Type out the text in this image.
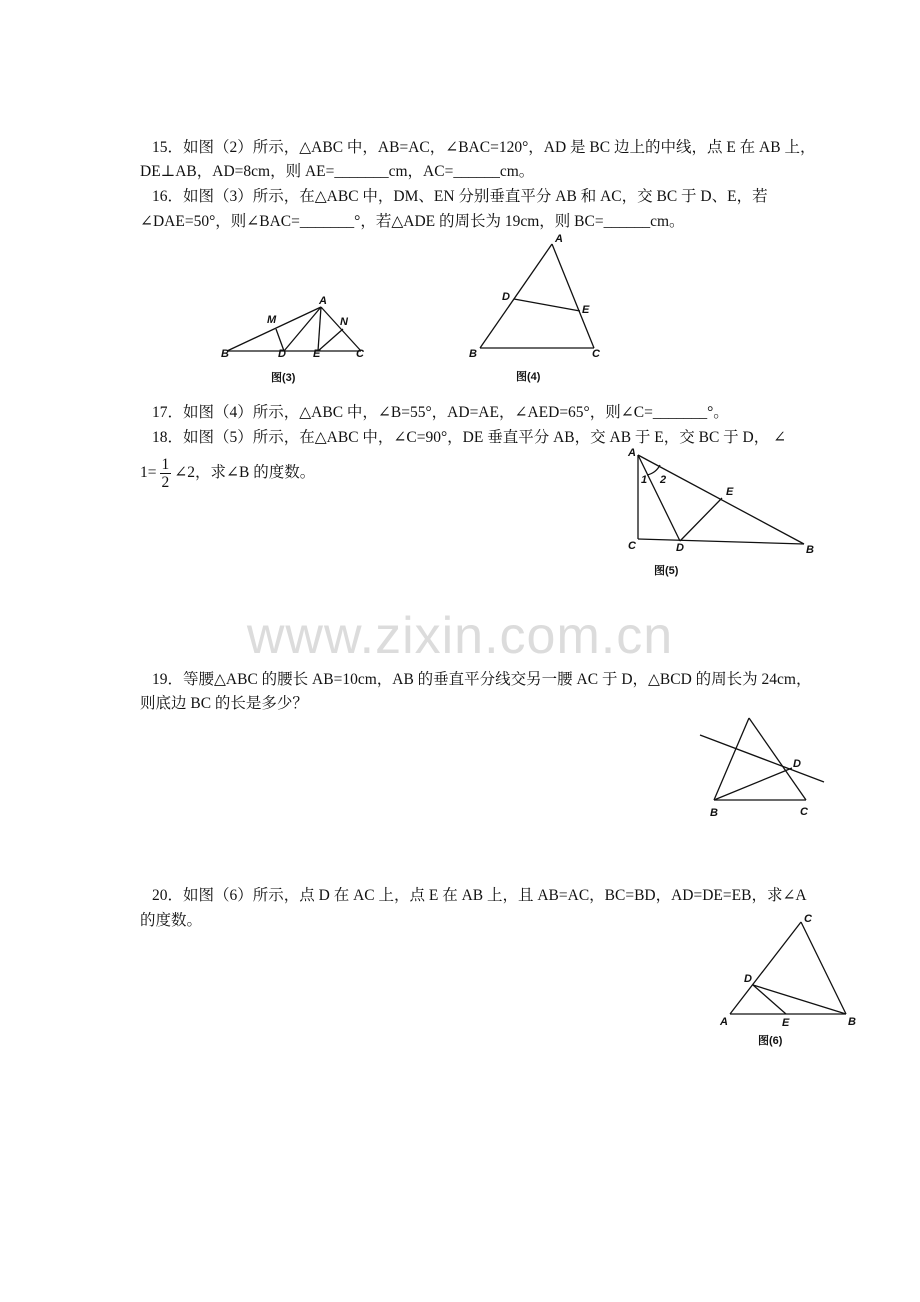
15．如图（2）所示，△ABC 中，AB=AC，∠BAC=120°，AD 是 BC 边上的中线，点 E 在 AB 上，
DE⊥AB，AD=8cm，则 AE=_______cm，AC=______cm。
16．如图（3）所示，在△ABC 中，DM、EN 分别垂直平分 AB 和 AC，交 BC 于 D、E，若
∠DAE=50°，则∠BAC=_______°，若△ADE 的周长为 19cm，则 BC=______cm。
A
M	N
B	D E	C
图(3)
A
D
E
B	C
图(4)
17．如图（4）所示，△ABC 中，∠B=55°，AD=AE，∠AED=65°，则∠C=_______°。
18．如图（5）所示，在△ABC 中，∠C=90°，DE 垂直平分 AB，交 AB 于 E，交 BC 于 D， ∠
$1= \frac{1}{2}$ ∠2，求∠B 的度数。
A
1 2
E
C	D	B
图(5)
www.zixin.com.cn
19．等腰△ABC 的腰长 AB=10cm，AB 的垂直平分线交另一腰 AC 于 D，△BCD 的周长为 24cm，
则底边 BC 的长是多少？
D
B	C
20．如图（6）所示，点 D 在 AC 上，点 E 在 AB 上，且 AB=AC，BC=BD，AD=DE=EB，求∠A
的度数。	C
D
A	E	B
图(6)
